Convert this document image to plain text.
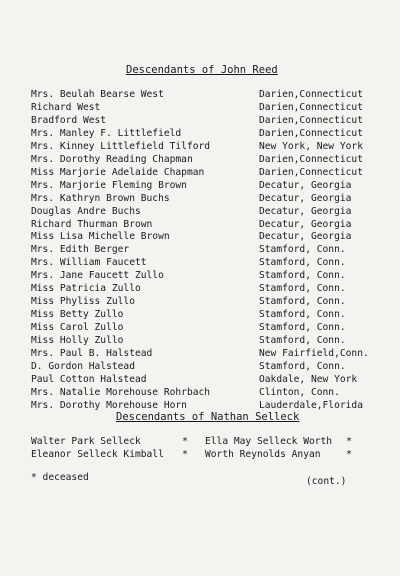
Descendants of John Reed
Mrs. Beulah Bearse West	Darien,Connecticut
Richard West	Darien,Connecticut
Bradford West	Darien,Connecticut
Mrs. Manley F. Littlefield	Darien,Connecticut
Mrs. Kinney Littlefield Tilford	New York, New York
Mrs. Dorothy Reading Chapman	Darien,Connecticut
Miss Marjorie Adelaide Chapman	Darien,Connecticut
Mrs. Marjorie Fleming Brown	Decatur, Georgia
Mrs. Kathryn Brown Buchs	Decatur, Georgia
Douglas Andre Buchs	Decatur, Georgia
Richard Thurman Brown	Decatur, Georgia
Miss Lisa Michelle Brown	Decatur, Georgia
Mrs. Edith Berger	Stamford, Conn.
Mrs. William Faucett	Stamford, Conn.
Mrs. Jane Faucett Zullo	Stamford, Conn.
Miss Patricia Zullo	Stamford, Conn.
Miss Phyliss Zullo	Stamford, Conn.
Miss Betty Zullo	Stamford, Conn.
Miss Carol Zullo	Stamford, Conn.
Miss Holly Zullo	Stamford, Conn.
Mrs. Paul B. Halstead	New Fairfield,Conn.
D. Gordon Halstead	Stamford, Conn.
Paul Cotton Halstead	Oakdale, New York
Mrs. Natalie Morehouse Rohrbach	Clinton, Conn.
Mrs. Dorothy Morehouse Horn	Lauderdale,Florida
Descendants of Nathan Selleck
Walter Park Selleck	* Ella May Selleck Worth *
Eleanor Selleck Kimball * Worth Reynolds Anyan	*
* deceased	(cont.)
